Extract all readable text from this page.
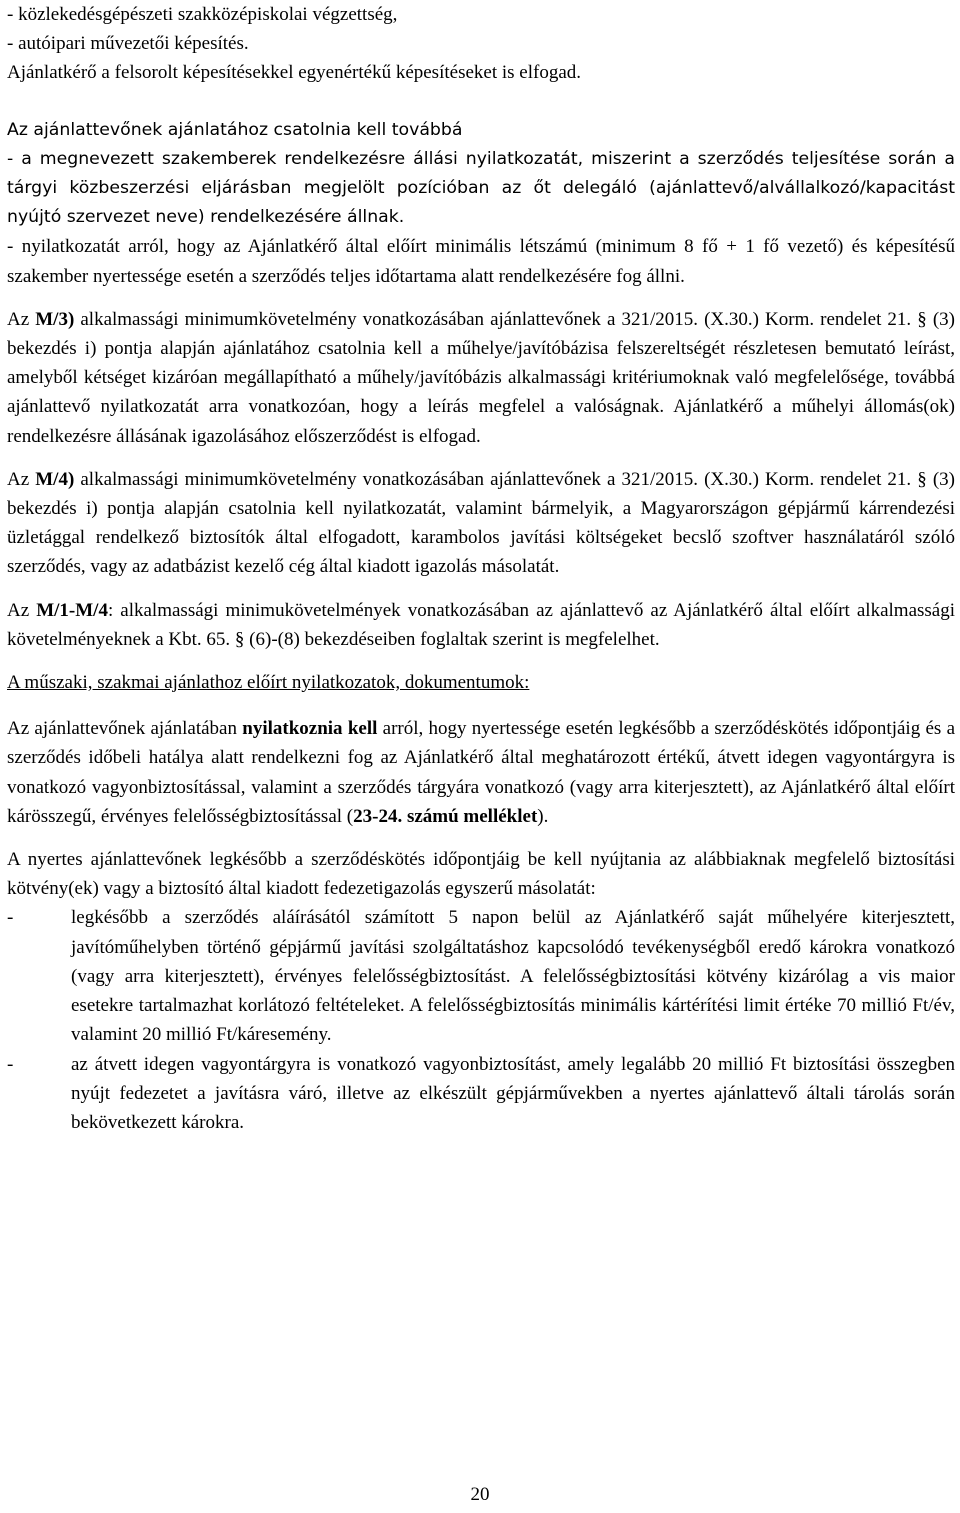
- közlekedésgépészeti szakközépiskolai végzettség,

- autóipari művezetői képesítés.

Ajánlatkérő a felsorolt képesítésekkel egyenértékű képesítéseket is elfogad.

Az ajánlattevőnek ajánlatához csatolnia kell továbbá

- a megnevezett szakemberek rendelkezésre állási nyilatkozatát, miszerint a szerződés teljesítése során a tárgyi közbeszerzési eljárásban megjelölt pozícióban az őt delegáló (ajánlattevő/alvállalkozó/kapacitást nyújtó szervezet neve) rendelkezésére állnak.

- nyilatkozatát arról, hogy az Ajánlatkérő által előírt minimális létszámú (minimum 8 fő + 1 fő vezető) és képesítésű szakember nyertessége esetén a szerződés teljes időtartama alatt rendelkezésére fog állni.

Az M/3) alkalmassági minimumkövetelmény vonatkozásában ajánlattevőnek a 321/2015. (X.30.) Korm. rendelet 21. § (3) bekezdés i) pontja alapján ajánlatához csatolnia kell a műhelye/javítóbázisa felszereltségét részletesen bemutató leírást, amelyből kétséget kizáróan megállapítható a műhely/javítóbázis alkalmassági kritériumoknak való megfelelősége, továbbá ajánlattevő nyilatkozatát arra vonatkozóan, hogy a leírás megfelel a valóságnak. Ajánlatkérő a műhelyi állomás(ok) rendelkezésre állásának igazolásához előszerződést is elfogad.

Az M/4) alkalmassági minimumkövetelmény vonatkozásában ajánlattevőnek a 321/2015. (X.30.) Korm. rendelet 21. § (3) bekezdés i) pontja alapján csatolnia kell nyilatkozatát, valamint bármelyik, a Magyarországon gépjármű kárrendezési üzletággal rendelkező biztosítók által elfogadott, karambolos javítási költségeket becslő szoftver használatáról szóló szerződés, vagy az adatbázist kezelő cég által kiadott igazolás másolatát.

Az M/1-M/4: alkalmassági minimukövetelmények vonatkozásában az ajánlattevő az Ajánlatkérő által előírt alkalmassági követelményeknek a Kbt. 65. § (6)-(8) bekezdéseiben foglaltak szerint is megfelelhet.

A műszaki, szakmai ajánlathoz előírt nyilatkozatok, dokumentumok:

Az ajánlattevőnek ajánlatában nyilatkoznia kell arról, hogy nyertessége esetén legkésőbb a szerződéskötés időpontjáig és a szerződés időbeli hatálya alatt rendelkezni fog az Ajánlatkérő által meghatározott értékű, átvett idegen vagyontárgyra is vonatkozó vagyonbiztosítással, valamint a szerződés tárgyára vonatkozó (vagy arra kiterjesztett), az Ajánlatkérő által előírt kárösszegű, érvényes felelősségbiztosítással (23-24. számú melléklet).

A nyertes ajánlattevőnek legkésőbb a szerződéskötés időpontjáig be kell nyújtania az alábbiaknak megfelelő biztosítási kötvény(ek) vagy a biztosító által kiadott fedezetigazolás egyszerű másolatát:

-	legkésőbb a szerződés aláírásától számított 5 napon belül az Ajánlatkérő saját műhelyére kiterjesztett, javítóműhelyben történő gépjármű javítási szolgáltatáshoz kapcsolódó tevékenységből eredő károkra vonatkozó (vagy arra kiterjesztett), érvényes felelősségbiztosítást. A felelősségbiztosítási kötvény kizárólag a vis maior esetekre tartalmazhat korlátozó feltételeket. A felelősségbiztosítás minimális kártérítési limit értéke 70 millió Ft/év, valamint 20 millió Ft/káresemény.
-	az átvett idegen vagyontárgyra is vonatkozó vagyonbiztosítást, amely legalább 20 millió Ft biztosítási összegben nyújt fedezetet a javításra váró, illetve az elkészült gépjárművekben a nyertes ajánlattevő általi tárolás során bekövetkezett károkra.
20
